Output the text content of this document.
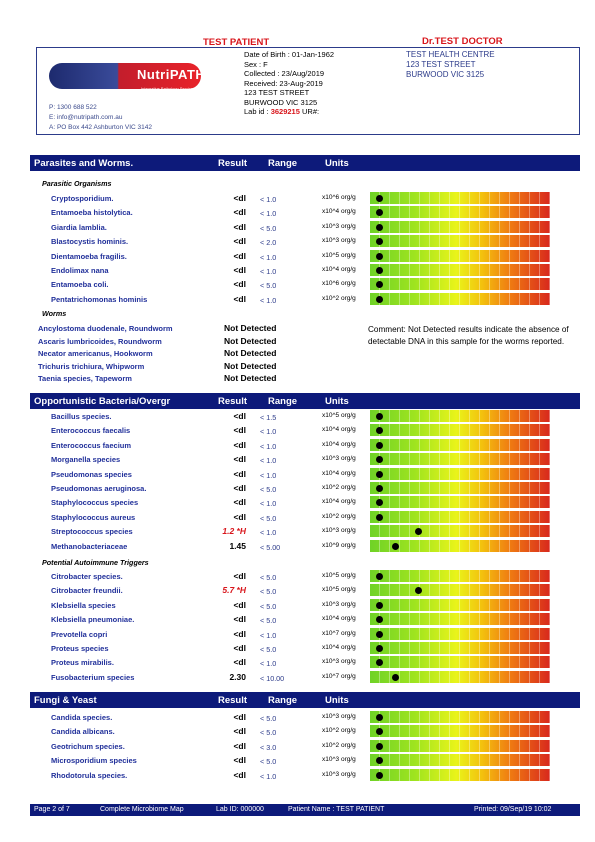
TEST PATIENT	Dr.TEST DOCTOR
NutriPATH
Integrative Pathology Services
P: 1300 688 522
E: info@nutripath.com.au
A: PO Box 442 Ashburton VIC 3142
Date of Birth : 01-Jan-1962
Sex : F
Collected : 23/Aug/2019
Received: 23-Aug-2019
123 TEST STREET
BURWOOD VIC 3125
Lab id : 3629215 UR#:
TEST HEALTH CENTRE
123 TEST STREET
BURWOOD VIC 3125
Parasites and Worms.	Result Range	Units
Parasitic Organisms
Cryptosporidium.	<dl < 1.0	x10^6 org/g
Entamoeba histolytica.	<dl < 1.0	x10^4 org/g
Giardia lamblia.	<dl < 5.0	x10^3 org/g
Blastocystis hominis.	<dl < 2.0	x10^3 org/g
Dientamoeba fragilis.	<dl < 1.0	x10^5 org/g
Endolimax nana	<dl < 1.0	x10^4 org/g
Entamoeba coli.	<dl < 5.0	x10^6 org/g
Pentatrichomonas hominis	<dl < 1.0	x10^2 org/g
Worms
Ancylostoma duodenale, Roundworm	Not Detected
Ascaris lumbricoides, Roundworm	Not Detected
Necator americanus, Hookworm	Not Detected
Trichuris trichiura, Whipworm	Not Detected
Taenia species, Tapeworm	Not Detected
Comment: Not Detected results indicate the absence of detectable DNA in this sample for the worms reported.
Opportunistic Bacteria/Overgr	Result Range	Units
Bacillus species.	<dl < 1.5	x10^5 org/g
Enterococcus faecalis	<dl < 1.0	x10^4 org/g
Enterococcus faecium	<dl < 1.0	x10^4 org/g
Morganella species	<dl < 1.0	x10^3 org/g
Pseudomonas species	<dl < 1.0	x10^4 org/g
Pseudomonas aeruginosa.	<dl < 5.0	x10^2 org/g
Staphylococcus species	<dl < 1.0	x10^4 org/g
Staphylococcus aureus	<dl < 5.0	x10^2 org/g
Streptococcus species	1.2 *H < 1.0	x10^3 org/g
Methanobacteriaceae	1.45 < 5.00	x10^9 org/g
Potential Autoimmune Triggers
Citrobacter species.	<dl < 5.0	x10^5 org/g
Citrobacter freundii.	5.7 *H < 5.0	x10^5 org/g
Klebsiella species	<dl < 5.0	x10^3 org/g
Klebsiella pneumoniae.	<dl < 5.0	x10^4 org/g
Prevotella copri	<dl < 1.0	x10^7 org/g
Proteus species	<dl < 5.0	x10^4 org/g
Proteus mirabilis.	<dl < 1.0	x10^3 org/g
Fusobacterium species	2.30 < 10.00	x10^7 org/g
Fungi & Yeast	Result Range	Units
Candida species.	<dl < 5.0	x10^3 org/g
Candida albicans.	<dl < 5.0	x10^2 org/g
Geotrichum species.	<dl < 3.0	x10^2 org/g
Microsporidium species	<dl < 5.0	x10^3 org/g
Rhodotorula species.	<dl < 1.0	x10^3 org/g
Page 2 of 7	Complete Microbiome Map	Lab ID: 000000	Patient Name : TEST PATIENT	Printed: 09/Sep/19 10:02
